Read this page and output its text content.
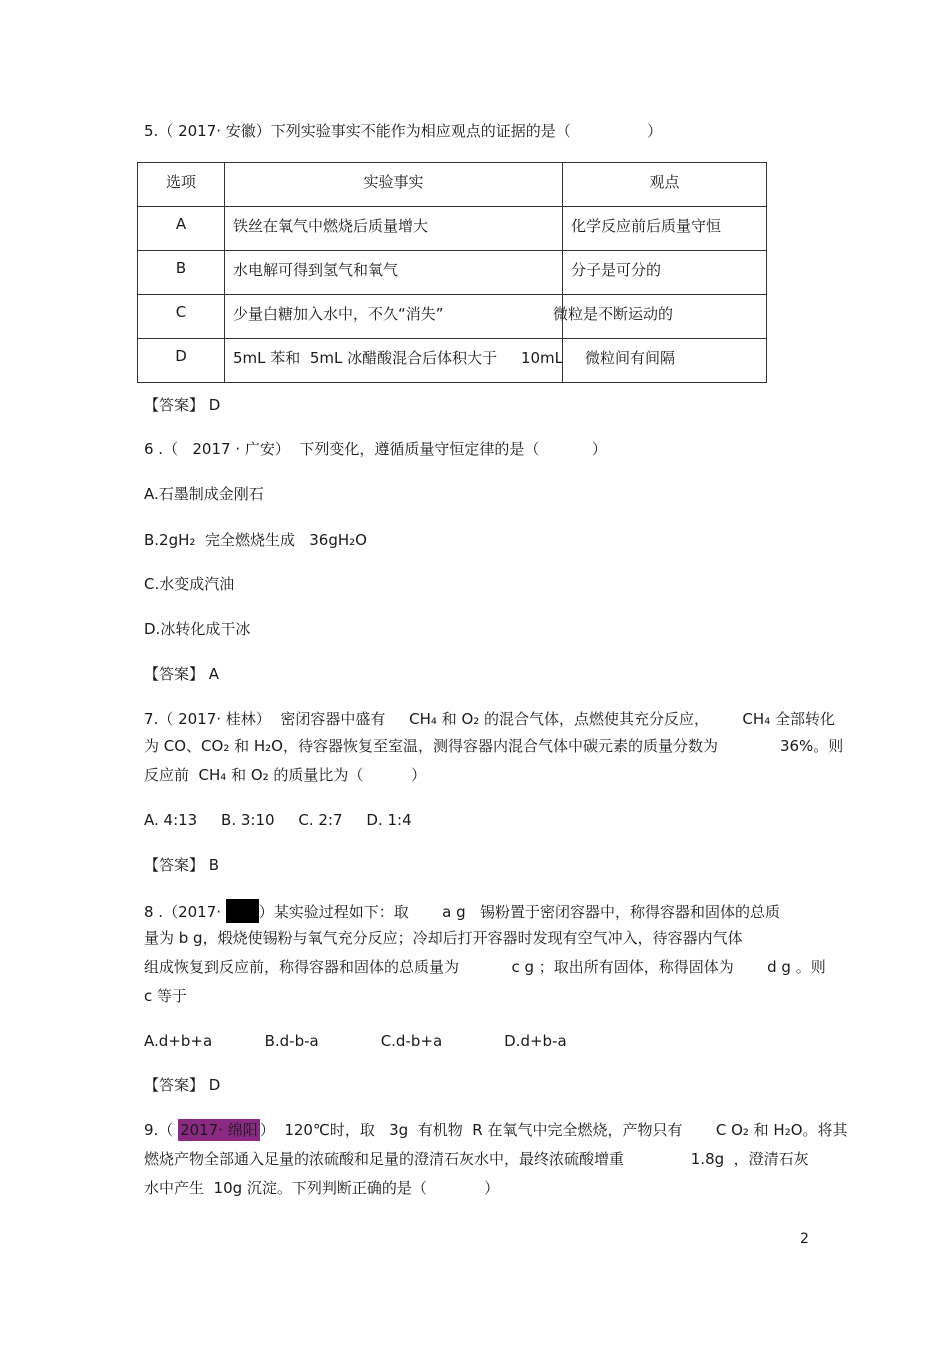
5.（ 2017· 安徽）下列实验事实不能作为相应观点的证据的是（                ）
选项	实验事实	观点
A	铁丝在氧气中燃烧后质量增大	化学反应前后质量守恒
B	水电解可得到氢气和氧气	分子是可分的
C	少量白糖加入水中，不久“消失”	微粒是不断运动的

D	5mL 苯和  5mL 冰醋酸混合后体积大于     10mL	微粒间有间隔
【答案】 D
6 .（   2017 · 广安）  下列变化，遵循质量守恒定律的是（           ）
A.石墨制成金刚石
B.2gH₂  完全燃烧生成   36gH₂O
C.水变成汽油
D.冰转化成干冰
【答案】 A
7.（ 2017· 桂林）  密闭容器中盛有     CH₄ 和 O₂ 的混合气体，点燃使其充分反应，       CH₄ 全部转化
为 CO、CO₂ 和 H₂O，待容器恢复至室温，测得容器内混合气体中碳元素的质量分数为             36%。则
反应前  CH₄ 和 O₂ 的质量比为（          ）
A. 4:13     B. 3:10     C. 2:7     D. 1:4
【答案】 B
8 .（2017· ）某实验过程如下：取       a g   锡粉置于密闭容器中，称得容器和固体的总质
量为 b g，煅烧使锡粉与氧气充分反应；冷却后打开容器时发现有空气冲入，待容器内气体
组成恢复到反应前，称得容器和固体的总质量为           c g ；取出所有固体，称得固体为       d g 。则
c 等于
A.d+b+a           B.d-b-a             C.d-b+a             D.d+b-a
【答案】 D
9.（ 2017· 绵阳 ）  120℃时，取   3g  有机物  R 在氧气中完全燃烧，产物只有       C O₂ 和 H₂O。将其
燃烧产物全部通入足量的浓硫酸和足量的澄清石灰水中，最终浓硫酸增重              1.8g  ，澄清石灰
水中产生  10g 沉淀。下列判断正确的是（            ）
2
